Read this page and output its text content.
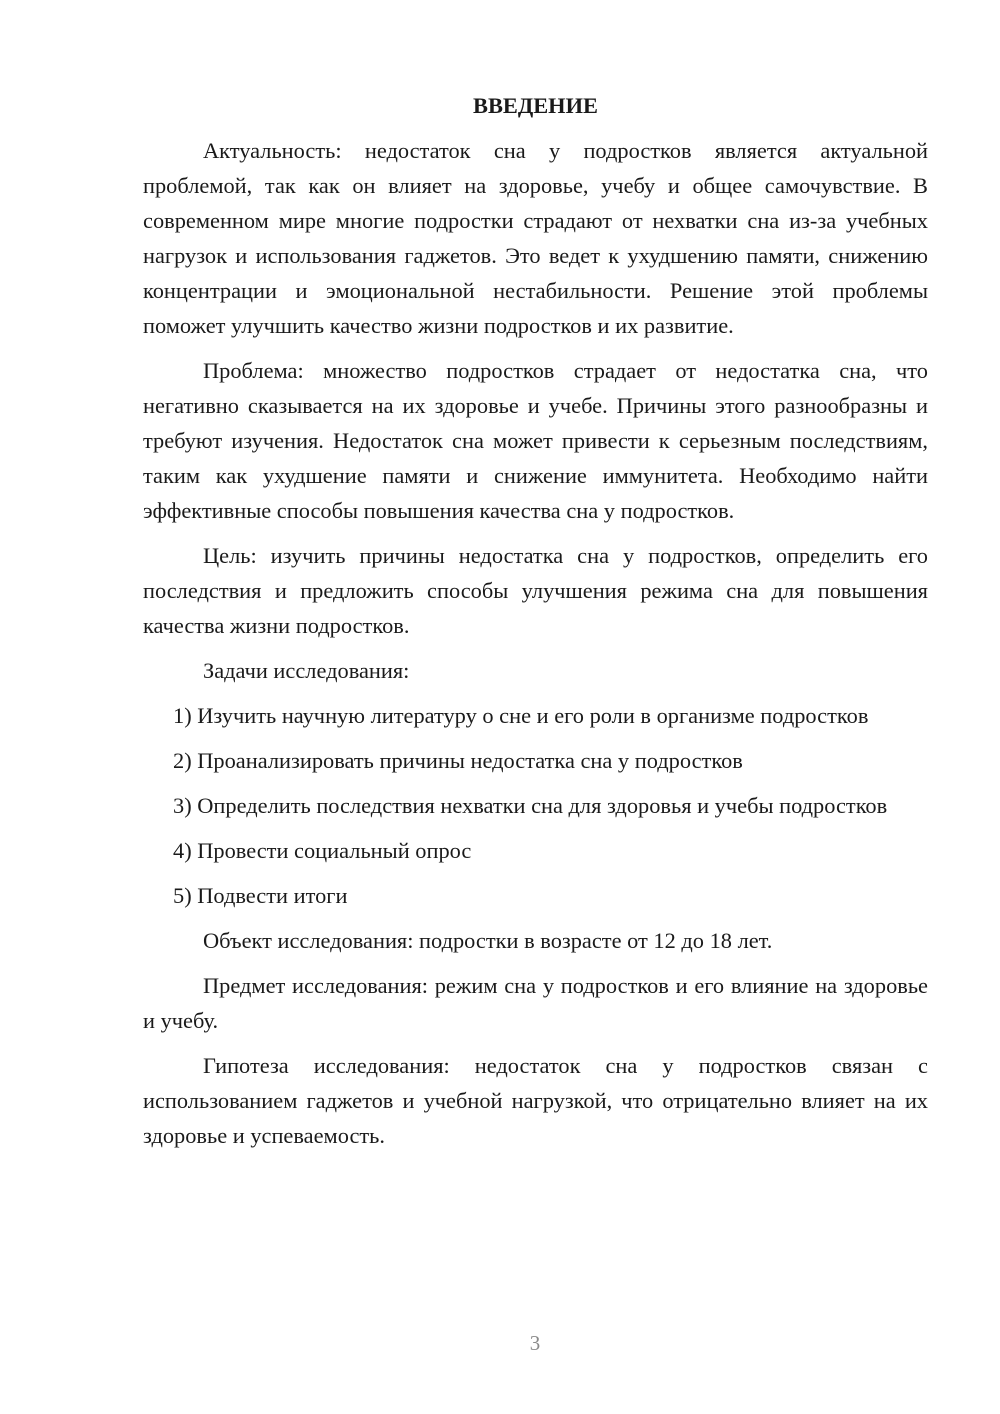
ВВЕДЕНИЕ

Актуальность: недостаток сна у подростков является актуальной проблемой, так как он влияет на здоровье, учебу и общее самочувствие. В современном мире многие подростки страдают от нехватки сна из-за учебных нагрузок и использования гаджетов. Это ведет к ухудшению памяти, снижению концентрации и эмоциональной нестабильности. Решение этой проблемы поможет улучшить качество жизни подростков и их развитие.

Проблема: множество подростков страдает от недостатка сна, что негативно сказывается на их здоровье и учебе. Причины этого разнообразны и требуют изучения. Недостаток сна может привести к серьезным последствиям, таким как ухудшение памяти и снижение иммунитета. Необходимо найти эффективные способы повышения качества сна у подростков.

Цель: изучить причины недостатка сна у подростков, определить его последствия и предложить способы улучшения режима сна для повышения качества жизни подростков.

Задачи исследования:

1) Изучить научную литературу о сне и его роли в организме подростков

2) Проанализировать причины недостатка сна у подростков

3) Определить последствия нехватки сна для здоровья и учебы подростков

4) Провести социальный опрос

5) Подвести итоги

Объект исследования: подростки в возрасте от 12 до 18 лет.

Предмет исследования: режим сна у подростков и его влияние на здоровье и учебу.

Гипотеза исследования: недостаток сна у подростков связан с использованием гаджетов и учебной нагрузкой, что отрицательно влияет на их здоровье и успеваемость.

3
